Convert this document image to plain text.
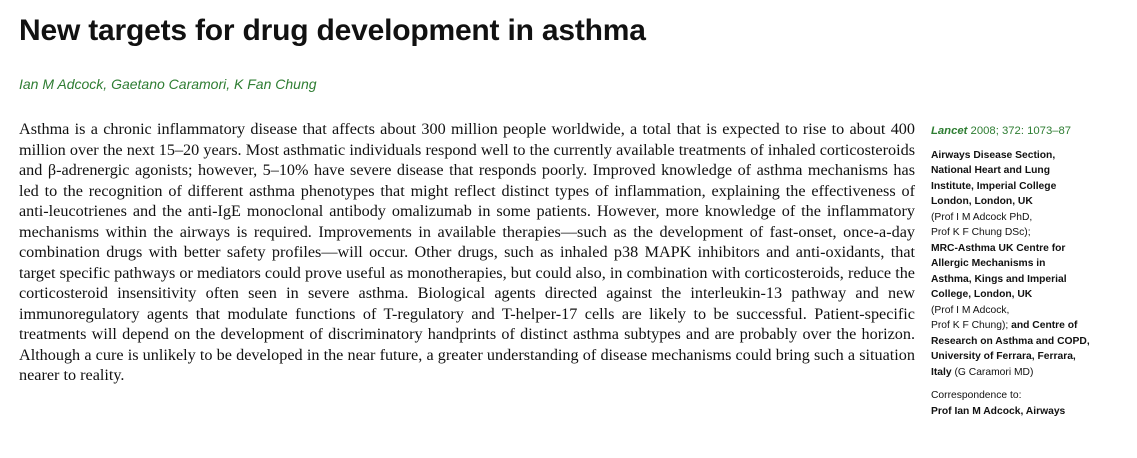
New targets for drug development in asthma
Ian M Adcock, Gaetano Caramori, K Fan Chung
Asthma is a chronic inflammatory disease that affects about 300 million people worldwide, a total that is expected to rise to about 400 million over the next 15–20 years. Most asthmatic individuals respond well to the currently available treatments of inhaled corticosteroids and β-adrenergic agonists; however, 5–10% have severe disease that responds poorly. Improved knowledge of asthma mechanisms has led to the recognition of different asthma phenotypes that might reflect distinct types of inflammation, explaining the effectiveness of anti-leucotrienes and the anti-IgE monoclonal antibody omalizumab in some patients. However, more knowledge of the inflammatory mechanisms within the airways is required. Improvements in available therapies—such as the development of fast-onset, once-a-day combination drugs with better safety profiles—will occur. Other drugs, such as inhaled p38 MAPK inhibitors and anti-oxidants, that target specific pathways or mediators could prove useful as monotherapies, but could also, in combination with corticosteroids, reduce the corticosteroid insensitivity often seen in severe asthma. Biological agents directed against the interleukin-13 pathway and new immunoregulatory agents that modulate functions of T-regulatory and T-helper-17 cells are likely to be successful. Patient-specific treatments will depend on the development of discriminatory handprints of distinct asthma subtypes and are probably over the horizon. Although a cure is unlikely to be developed in the near future, a greater understanding of disease mechanisms could bring such a situation nearer to reality.
Lancet 2008; 372: 1073–87
Airways Disease Section,
National Heart and Lung
Institute, Imperial College
London, London, UK
(Prof I M Adcock PhD,
Prof K F Chung DSc);
MRC-Asthma UK Centre for
Allergic Mechanisms in
Asthma, Kings and Imperial
College, London, UK
(Prof I M Adcock,
Prof K F Chung); and Centre of
Research on Asthma and COPD,
University of Ferrara, Ferrara,
Italy (G Caramori MD)
Correspondence to:
Prof Ian M Adcock, Airways
